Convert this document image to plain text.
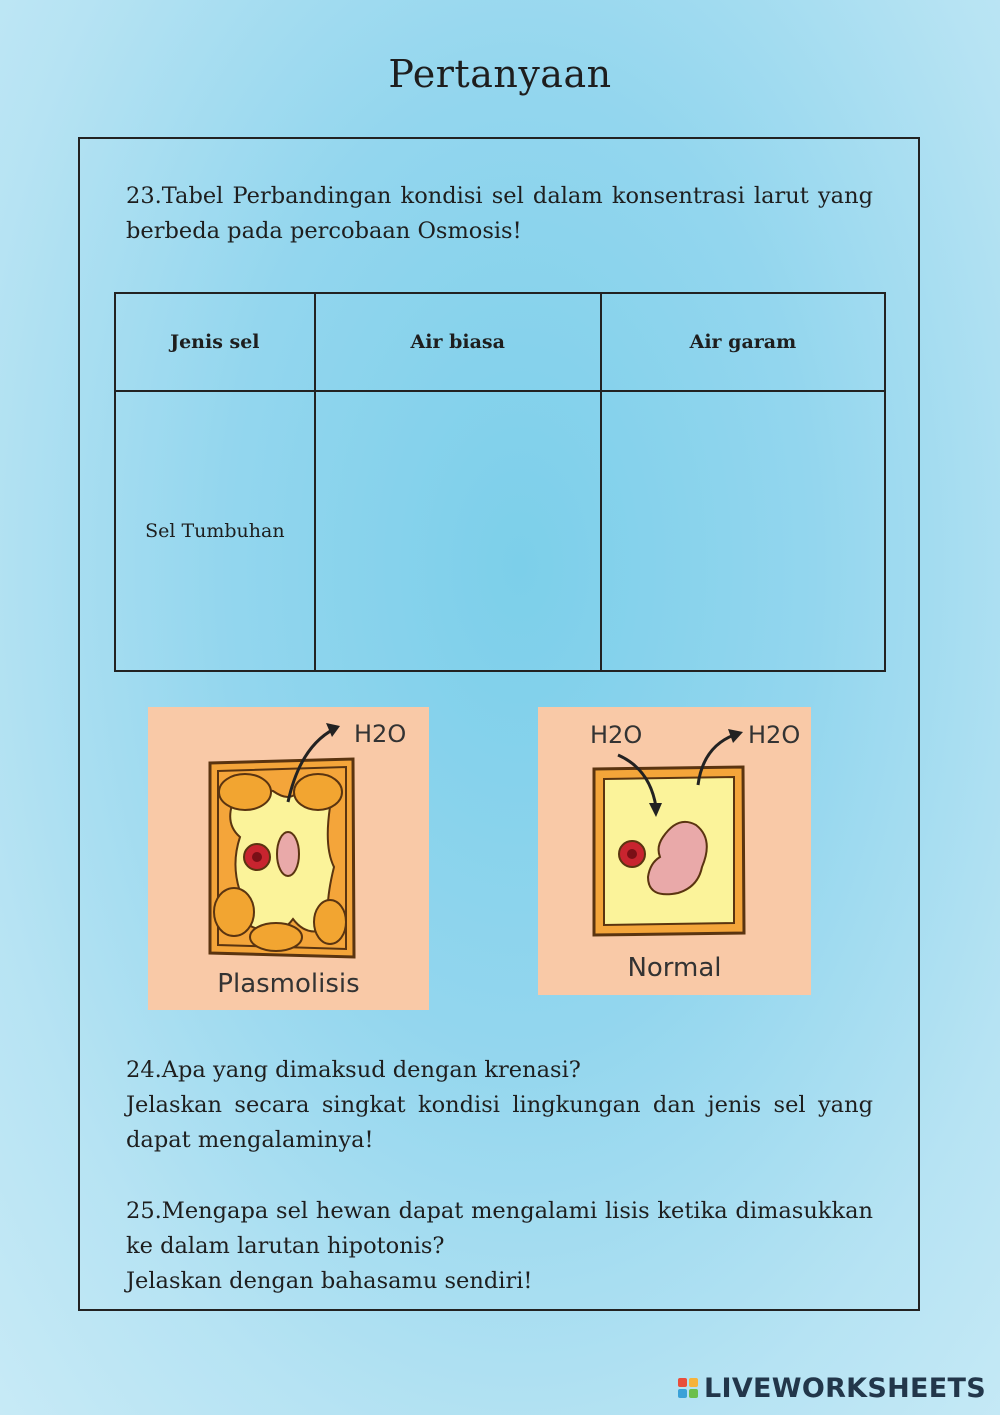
Pertanyaan

23.Tabel Perbandingan kondisi sel dalam konsentrasi larut yang berbeda pada percobaan Osmosis!

Jenis sel	Air biasa	Air garam
Sel Tumbuhan		
H2O
Plasmolisis
H2O	H2O
Normal

24.Apa yang dimaksud dengan krenasi?

Jelaskan secara singkat kondisi lingkungan dan jenis sel yang dapat mengalaminya!

25.Mengapa sel hewan dapat mengalami lisis ketika dimasukkan ke dalam larutan hipotonis?

Jelaskan dengan bahasamu sendiri!

LIVEWORKSHEETS
